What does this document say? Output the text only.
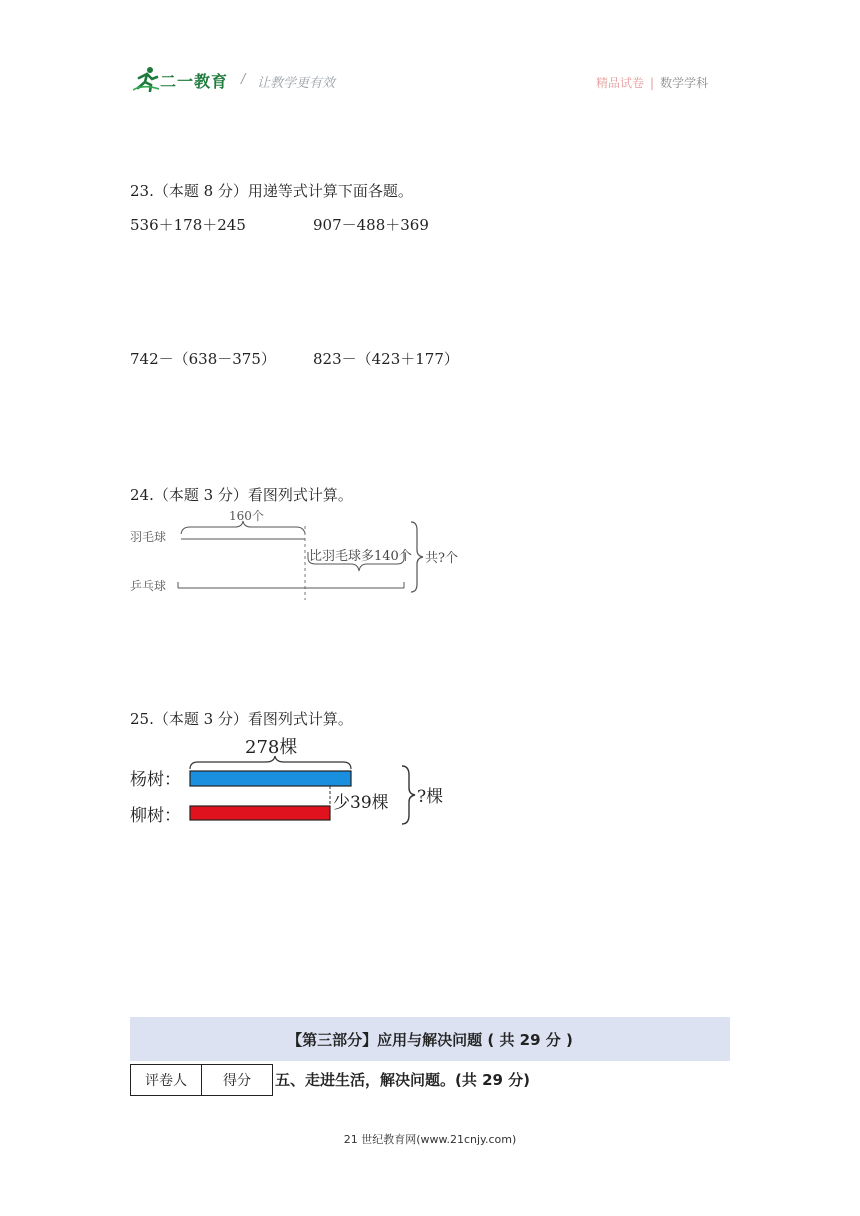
二一教育 / 让教学更有效	精品试卷 | 数学学科
23.（本题 8 分）用递等式计算下面各题。
536＋178＋245	907－488＋369
742－（638－375） 823－（423＋177）
24.（本题 3 分）看图列式计算。
羽毛球
乒乓球
160个
比羽毛球多140个 共?个
25.（本题 3 分）看图列式计算。
278棵
杨树：
柳树：
少39棵 ?棵
【第三部分】应用与解决问题 ( 共 29 分 )
评卷人	得分 五、走进生活，解决问题。(共 29 分)
21 世纪教育网(www.21cnjy.com)
